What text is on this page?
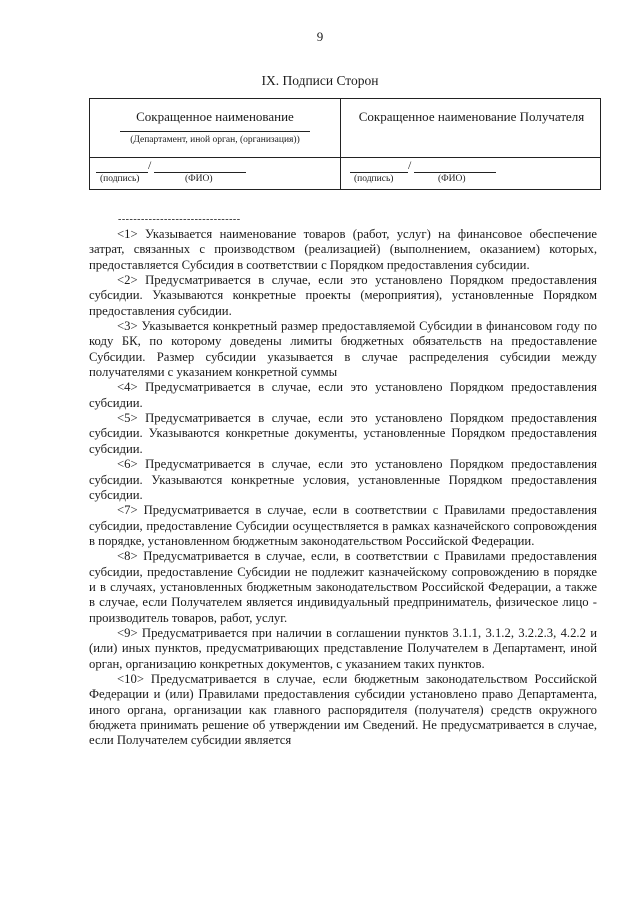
9
IX. Подписи Сторон
Сокращенное наименование
(Департамент, иной орган, (организация))
Сокращенное наименование Получателя
/
(подпись)	(ФИО)
/
(подпись)	(ФИО)
--------------------------------

<1> Указывается наименование товаров (работ, услуг) на финансовое обеспечение затрат, связанных с производством (реализацией) (выполнением, оказанием) которых, предоставляется Субсидия в соответствии с Порядком предоставления субсидии.

<2> Предусматривается в случае, если это установлено Порядком предоставления субсидии. Указываются конкретные проекты (мероприятия), установленные Порядком предоставления субсидии.

<3> Указывается конкретный размер предоставляемой Субсидии в финансовом году по коду БК, по которому доведены лимиты бюджетных обязательств на предоставление Субсидии. Размер субсидии указывается в случае распределения субсидии между получателями с указанием конкретной суммы

<4> Предусматривается в случае, если это установлено Порядком предоставления субсидии.

<5> Предусматривается в случае, если это установлено Порядком предоставления субсидии. Указываются конкретные документы, установленные Порядком предоставления субсидии.

<6> Предусматривается в случае, если это установлено Порядком предоставления субсидии. Указываются конкретные условия, установленные Порядком предоставления субсидии.

<7> Предусматривается в случае, если в соответствии с Правилами предоставления субсидии, предоставление Субсидии осуществляется в рамках казначейского сопровождения в порядке, установленном бюджетным законодательством Российской Федерации.

<8> Предусматривается в случае, если, в соответствии с Правилами предоставления субсидии, предоставление Субсидии не подлежит казначейскому сопровождению в порядке и в случаях, установленных бюджетным законодательством Российской Федерации, а также в случае, если Получателем является индивидуальный предприниматель, физическое лицо - производитель товаров, работ, услуг.

<9> Предусматривается при наличии в соглашении пунктов 3.1.1, 3.1.2, 3.2.2.3, 4.2.2 и (или) иных пунктов, предусматривающих представление Получателем в Департамент, иной орган, организацию конкретных документов, с указанием таких пунктов.

<10> Предусматривается в случае, если бюджетным законодательством Российской Федерации и (или) Правилами предоставления субсидии установлено право Департамента, иного органа, организации как главного распорядителя (получателя) средств окружного бюджета принимать решение об утверждении им Сведений. Не предусматривается в случае, если Получателем субсидии является
